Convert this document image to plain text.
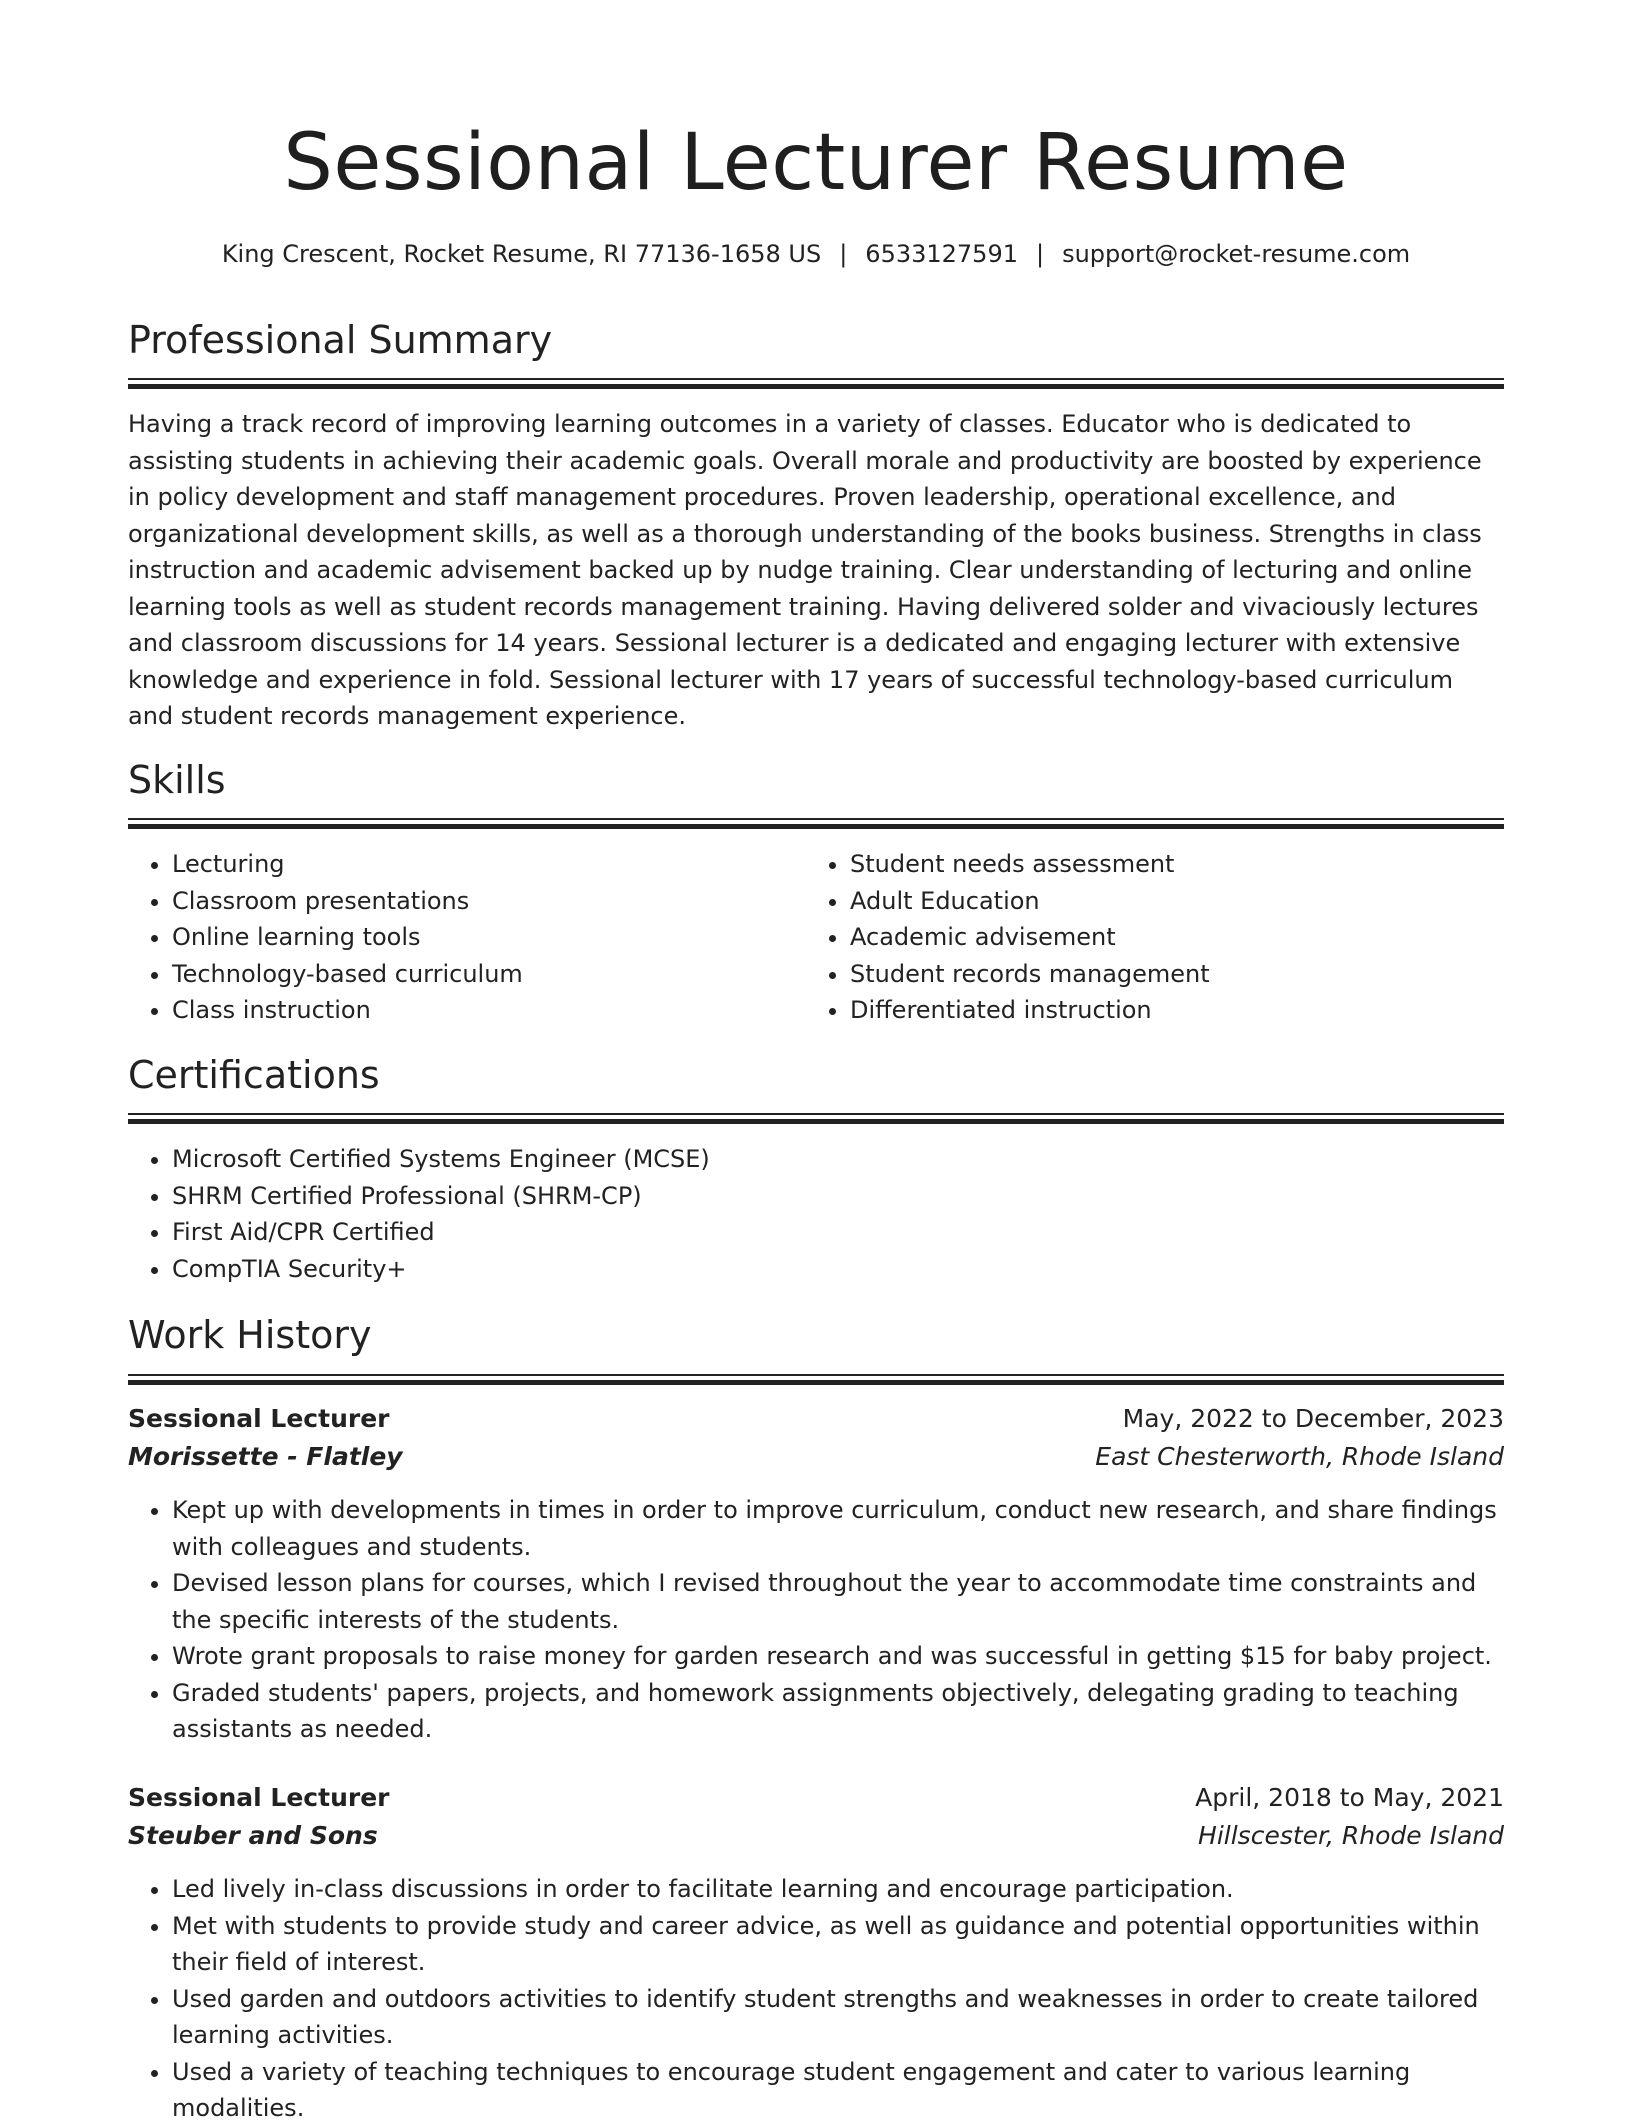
Sessional Lecturer Resume
King Crescent, Rocket Resume, RI 77136-1658 US | 6533127591 | support@rocket-resume.com
Professional Summary

Having a track record of improving learning outcomes in a variety of classes. Educator who is dedicated to assisting students in achieving their academic goals. Overall morale and productivity are boosted by experience in policy development and staff management procedures. Proven leadership, operational excellence, and organizational development skills, as well as a thorough understanding of the books business. Strengths in class instruction and academic advisement backed up by nudge training. Clear understanding of lecturing and online learning tools as well as student records management training. Having delivered solder and vivaciously lectures and classroom discussions for 14 years. Sessional lecturer is a dedicated and engaging lecturer with extensive knowledge and experience in fold. Sessional lecturer with 17 years of successful technology-based curriculum and student records management experience.

Skills
• Lecturing
• Classroom presentations
• Online learning tools
• Technology-based curriculum
• Class instruction
• Student needs assessment
• Adult Education
• Academic advisement
• Student records management
• Differentiated instruction
Certifications
• Microsoft Certified Systems Engineer (MCSE)
• SHRM Certified Professional (SHRM-CP)
• First Aid/CPR Certified
• CompTIA Security+
Work History
Sessional Lecturer	May, 2022 to December, 2023
Morissette - Flatley	East Chesterworth, Rhode Island
• Kept up with developments in times in order to improve curriculum, conduct new research, and share findings with colleagues and students.
• Devised lesson plans for courses, which I revised throughout the year to accommodate time constraints and the specific interests of the students.
• Wrote grant proposals to raise money for garden research and was successful in getting $15 for baby project.
• Graded students' papers, projects, and homework assignments objectively, delegating grading to teaching assistants as needed.
Sessional Lecturer	April, 2018 to May, 2021
Steuber and Sons	Hillscester, Rhode Island
• Led lively in-class discussions in order to facilitate learning and encourage participation.
• Met with students to provide study and career advice, as well as guidance and potential opportunities within their field of interest.
• Used garden and outdoors activities to identify student strengths and weaknesses in order to create tailored learning activities.
• Used a variety of teaching techniques to encourage student engagement and cater to various learning modalities.
